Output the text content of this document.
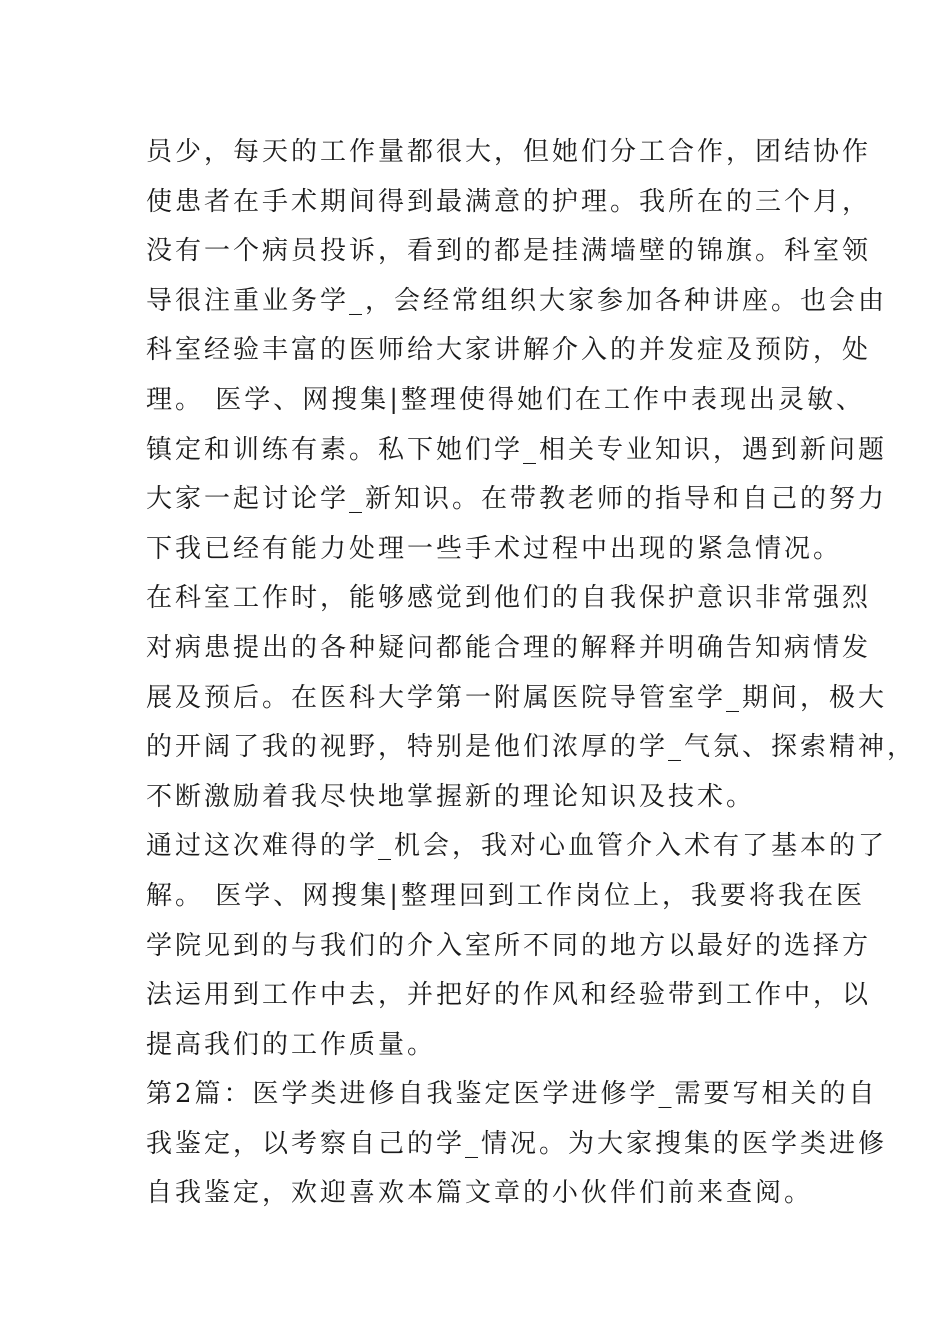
员少，每天的工作量都很大，但她们分工合作，团结协作
使患者在手术期间得到最满意的护理。我所在的三个月，
没有一个病员投诉，看到的都是挂满墙壁的锦旗。科室领
导很注重业务学_，会经常组织大家参加各种讲座。也会由
科室经验丰富的医师给大家讲解介入的并发症及预防，处
理。 医学、网搜集|整理使得她们在工作中表现出灵敏、
镇定和训练有素。私下她们学_相关专业知识，遇到新问题
大家一起讨论学_新知识。在带教老师的指导和自己的努力
下我已经有能力处理一些手术过程中出现的紧急情况。
在科室工作时，能够感觉到他们的自我保护意识非常强烈
对病患提出的各种疑问都能合理的解释并明确告知病情发
展及预后。在医科大学第一附属医院导管室学_期间，极大
的开阔了我的视野，特别是他们浓厚的学_气氛、探索精神，
不断激励着我尽快地掌握新的理论知识及技术。
通过这次难得的学_机会，我对心血管介入术有了基本的了
解。 医学、网搜集|整理回到工作岗位上，我要将我在医
学院见到的与我们的介入室所不同的地方以最好的选择方
法运用到工作中去，并把好的作风和经验带到工作中，以
提高我们的工作质量。
第2篇：医学类进修自我鉴定医学进修学_需要写相关的自
我鉴定，以考察自己的学_情况。为大家搜集的医学类进修
自我鉴定，欢迎喜欢本篇文章的小伙伴们前来查阅。
